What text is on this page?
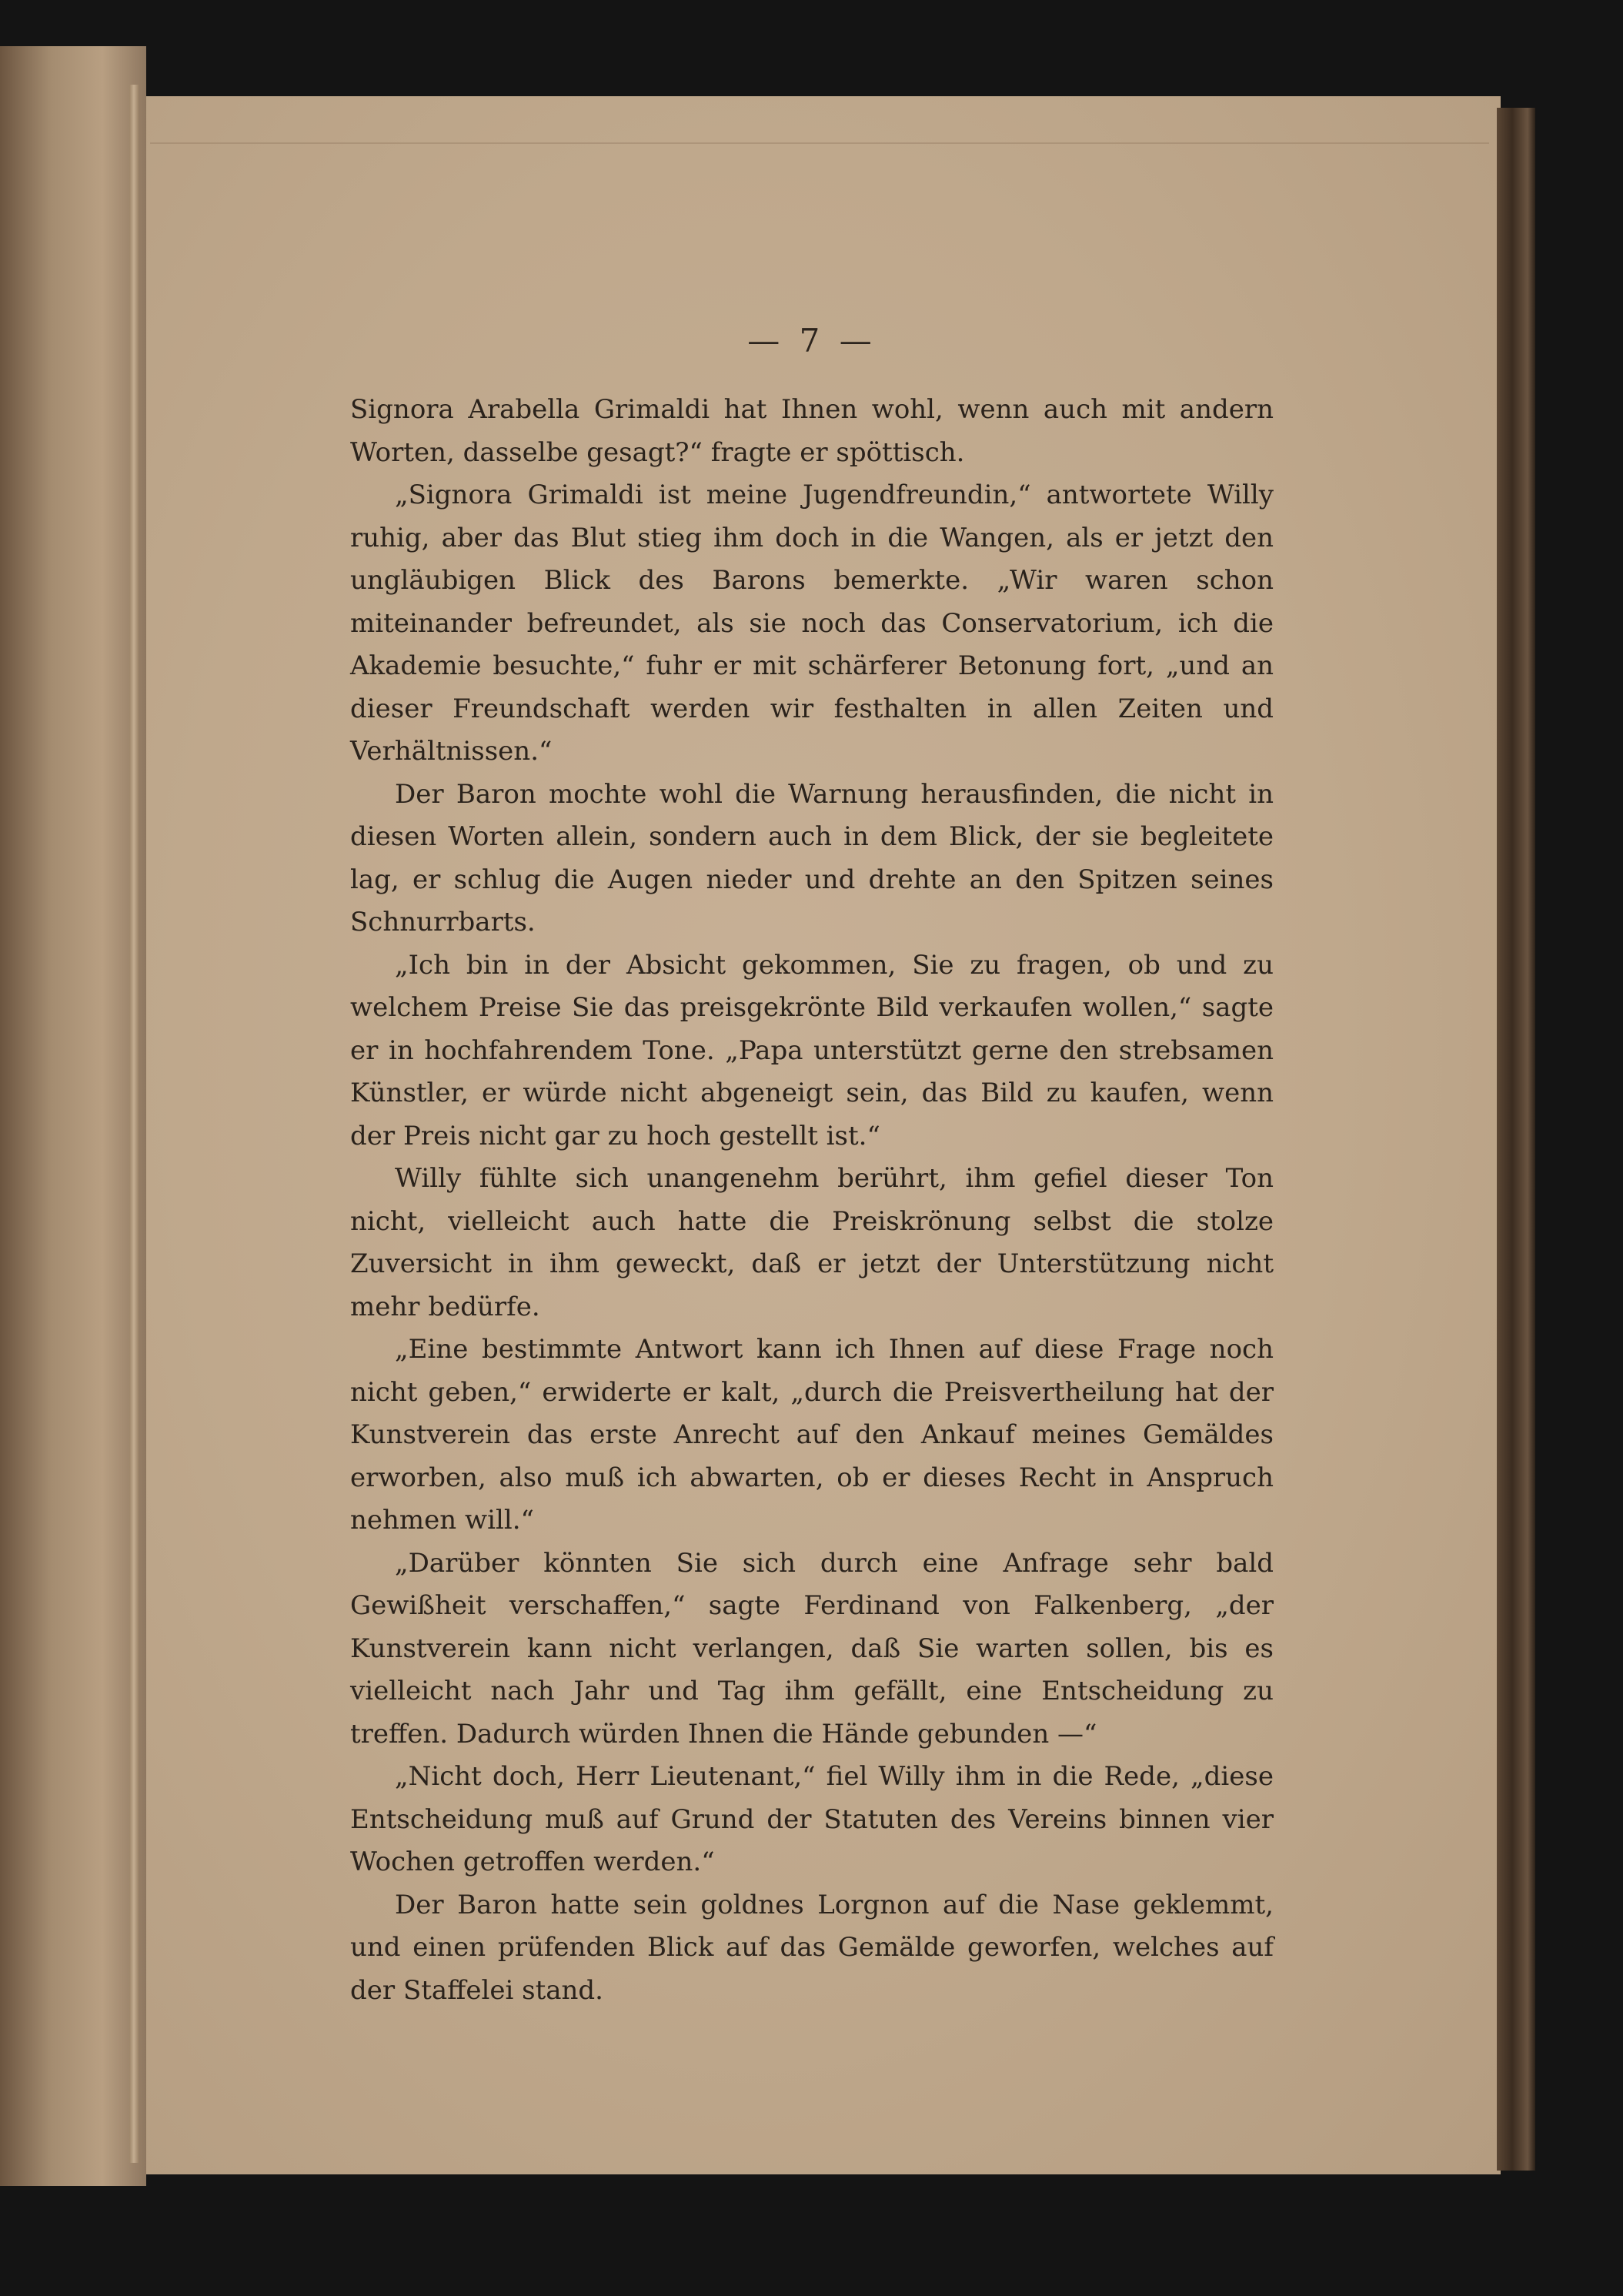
— 7 —

Signora Arabella Grimaldi hat Ihnen wohl, wenn auch mit andern Worten, dasselbe gesagt?“ fragte er spöttisch.

„Signora Grimaldi ist meine Jugendfreundin,“ antwortete Willy ruhig, aber das Blut stieg ihm doch in die Wangen, als er jetzt den ungläubigen Blick des Barons bemerkte. „Wir waren schon miteinander befreundet, als sie noch das Conservatorium, ich die Akademie besuchte,“ fuhr er mit schärferer Betonung fort, „und an dieser Freundschaft werden wir festhalten in allen Zeiten und Verhältnissen.“

Der Baron mochte wohl die Warnung herausfinden, die nicht in diesen Worten allein, sondern auch in dem Blick, der sie begleitete lag, er schlug die Augen nieder und drehte an den Spitzen seines Schnurrbarts.

„Ich bin in der Absicht gekommen, Sie zu fragen, ob und zu welchem Preise Sie das preisgekrönte Bild verkaufen wollen,“ sagte er in hochfahrendem Tone. „Papa unterstützt gerne den strebsamen Künstler, er würde nicht abgeneigt sein, das Bild zu kaufen, wenn der Preis nicht gar zu hoch gestellt ist.“

Willy fühlte sich unangenehm berührt, ihm gefiel dieser Ton nicht, vielleicht auch hatte die Preiskrönung selbst die stolze Zuversicht in ihm geweckt, daß er jetzt der Unterstützung nicht mehr bedürfe.

„Eine bestimmte Antwort kann ich Ihnen auf diese Frage noch nicht geben,“ erwiderte er kalt, „durch die Preisvertheilung hat der Kunstverein das erste Anrecht auf den Ankauf meines Gemäldes erworben, also muß ich abwarten, ob er dieses Recht in Anspruch nehmen will.“

„Darüber könnten Sie sich durch eine Anfrage sehr bald Gewißheit verschaffen,“ sagte Ferdinand von Falkenberg, „der Kunstverein kann nicht verlangen, daß Sie warten sollen, bis es vielleicht nach Jahr und Tag ihm gefällt, eine Entscheidung zu treffen. Dadurch würden Ihnen die Hände gebunden —“

„Nicht doch, Herr Lieutenant,“ fiel Willy ihm in die Rede, „diese Entscheidung muß auf Grund der Statuten des Vereins binnen vier Wochen getroffen werden.“

Der Baron hatte sein goldnes Lorgnon auf die Nase geklemmt, und einen prüfenden Blick auf das Gemälde geworfen, welches auf der Staffelei stand.
